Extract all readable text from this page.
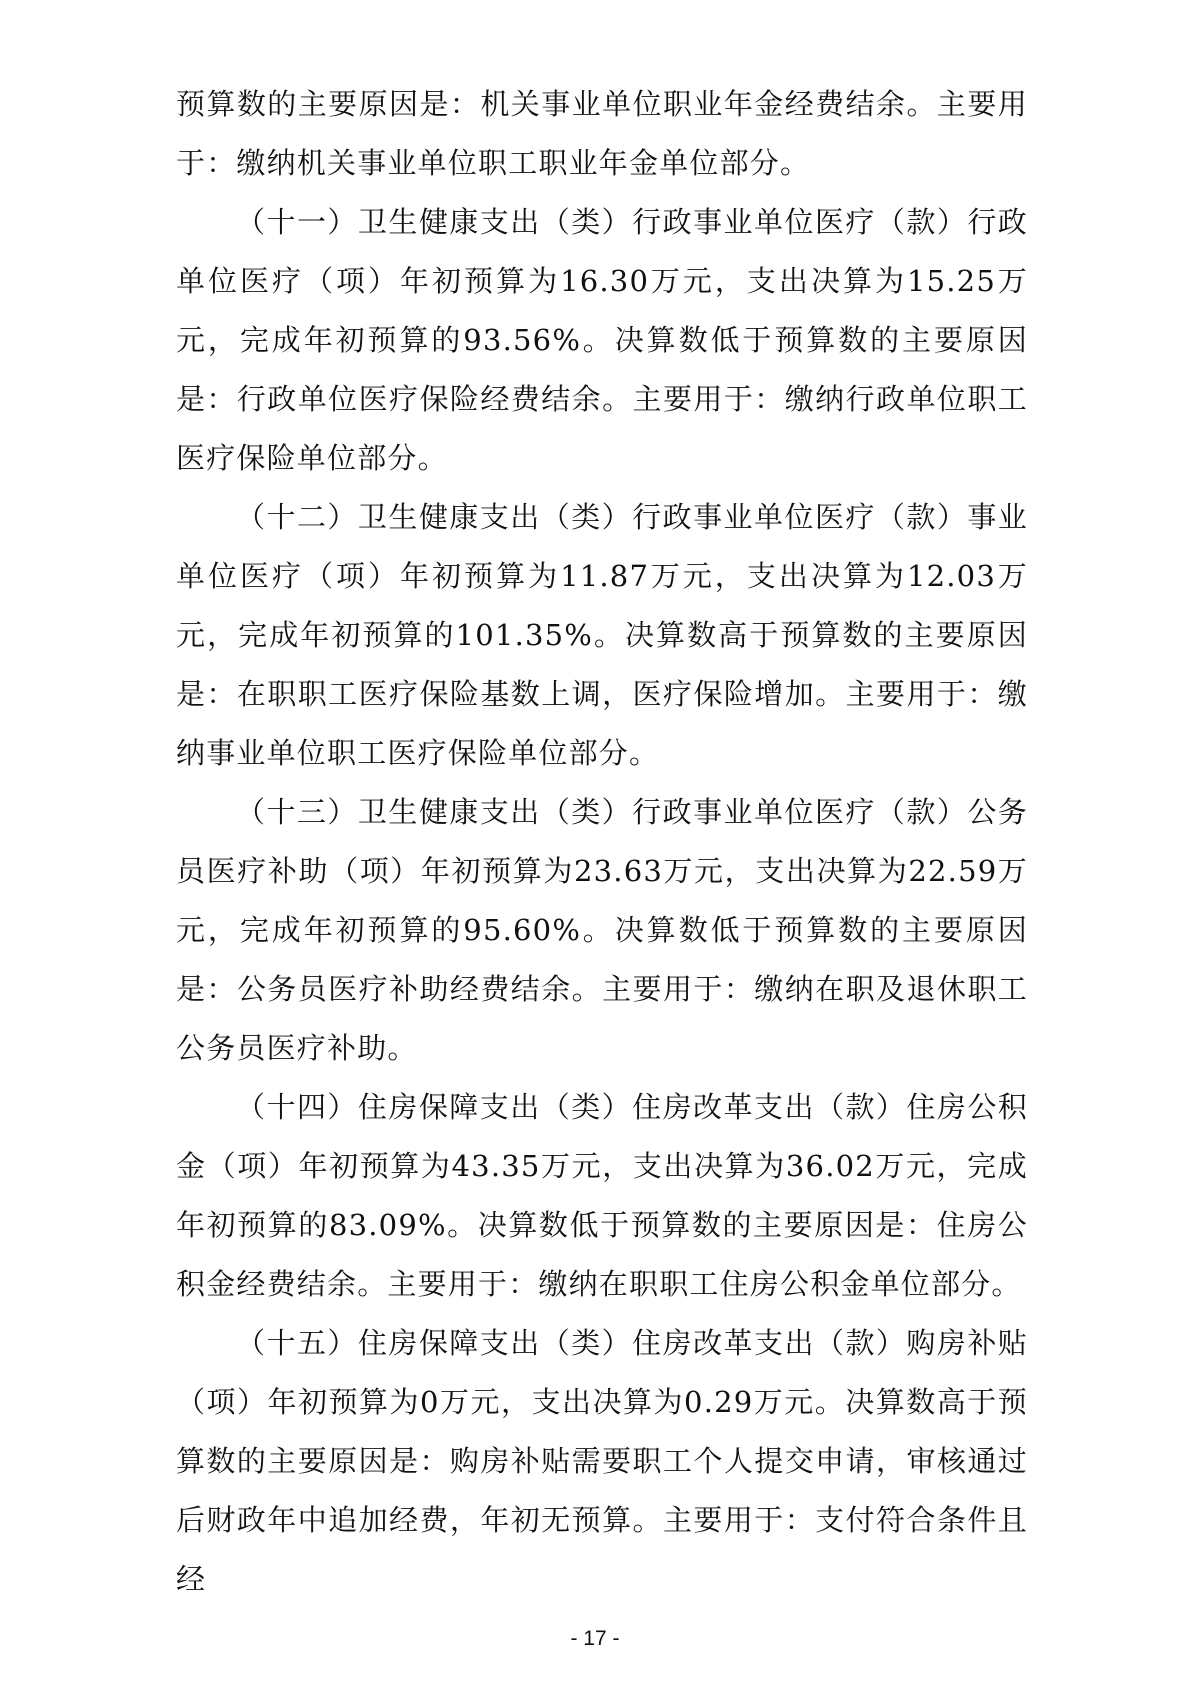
预算数的主要原因是：机关事业单位职业年金经费结余。主要用于：缴纳机关事业单位职工职业年金单位部分。

（十一）卫生健康支出（类）行政事业单位医疗（款）行政单位医疗（项）年初预算为16.30万元，支出决算为15.25万元，完成年初预算的93.56%。决算数低于预算数的主要原因是：行政单位医疗保险经费结余。主要用于：缴纳行政单位职工医疗保险单位部分。

（十二）卫生健康支出（类）行政事业单位医疗（款）事业单位医疗（项）年初预算为11.87万元，支出决算为12.03万元，完成年初预算的101.35%。决算数高于预算数的主要原因是：在职职工医疗保险基数上调，医疗保险增加。主要用于：缴纳事业单位职工医疗保险单位部分。

（十三）卫生健康支出（类）行政事业单位医疗（款）公务员医疗补助（项）年初预算为23.63万元，支出决算为22.59万元，完成年初预算的95.60%。决算数低于预算数的主要原因是：公务员医疗补助经费结余。主要用于：缴纳在职及退休职工公务员医疗补助。

（十四）住房保障支出（类）住房改革支出（款）住房公积金（项）年初预算为43.35万元，支出决算为36.02万元，完成年初预算的83.09%。决算数低于预算数的主要原因是：住房公积金经费结余。主要用于：缴纳在职职工住房公积金单位部分。

（十五）住房保障支出（类）住房改革支出（款）购房补贴（项）年初预算为0万元，支出决算为0.29万元。决算数高于预算数的主要原因是：购房补贴需要职工个人提交申请，审核通过后财政年中追加经费，年初无预算。主要用于：支付符合条件且经

- 17 -
